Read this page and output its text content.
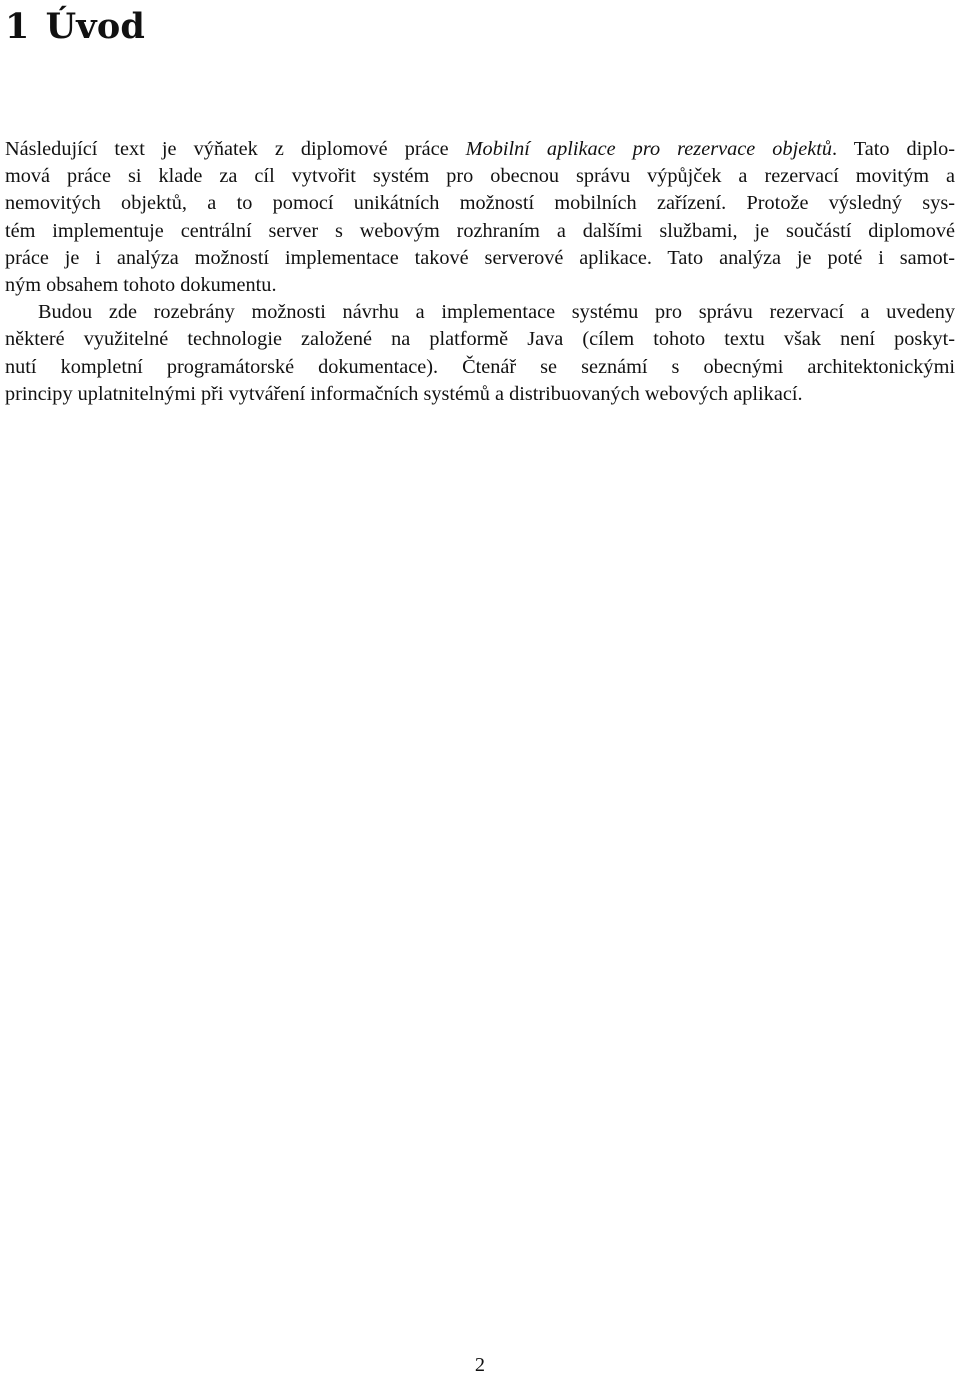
1 Úvod
Následující text je výňatek z diplomové práce Mobilní aplikace pro rezervace objektů. Tato diplo-
mová práce si klade za cíl vytvořit systém pro obecnou správu výpůjček a rezervací movitým a
nemovitých objektů, a to pomocí unikátních možností mobilních zařízení. Protože výsledný sys-
tém implementuje centrální server s webovým rozhraním a dalšími službami, je součástí diplomové
práce je i analýza možností implementace takové serverové aplikace. Tato analýza je poté i samot-
ným obsahem tohoto dokumentu.
Budou zde rozebrány možnosti návrhu a implementace systému pro správu rezervací a uvedeny
některé využitelné technologie založené na platformě Java (cílem tohoto textu však není poskyt-
nutí kompletní programátorské dokumentace). Čtenář se seznámí s obecnými architektonickými
principy uplatnitelnými při vytváření informačních systémů a distribuovaných webových aplikací.

2
